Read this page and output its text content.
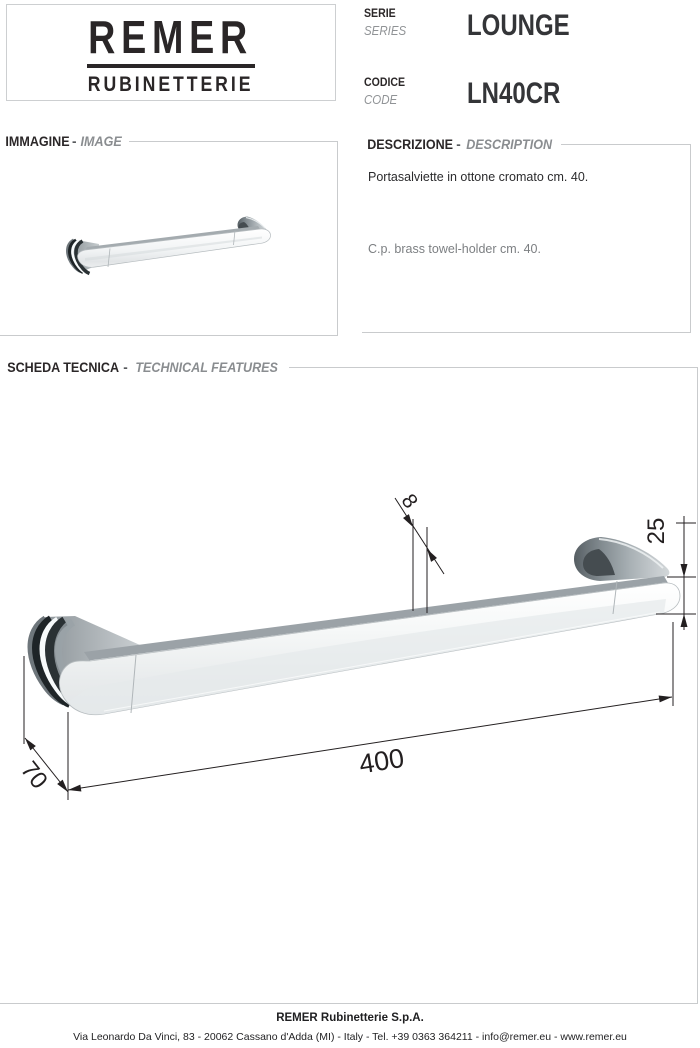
REMER
RUBINETTERIE
SERIE
SERIES LOUNGE
CODICE
CODE	LN40CR
IMMAGINE - IMAGE	DESCRIZIONE - DESCRIPTION
Portasalviette in ottone cromato cm. 40.
C.p. brass towel-holder cm. 40.
SCHEDA TECNICA - TECHNICAL FEATURES
8
25
400
70
REMER Rubinetterie S.p.A.
Via Leonardo Da Vinci, 83 - 20062 Cassano d'Adda (MI) - Italy - Tel. +39 0363 364211 - info@remer.eu - www.remer.eu
